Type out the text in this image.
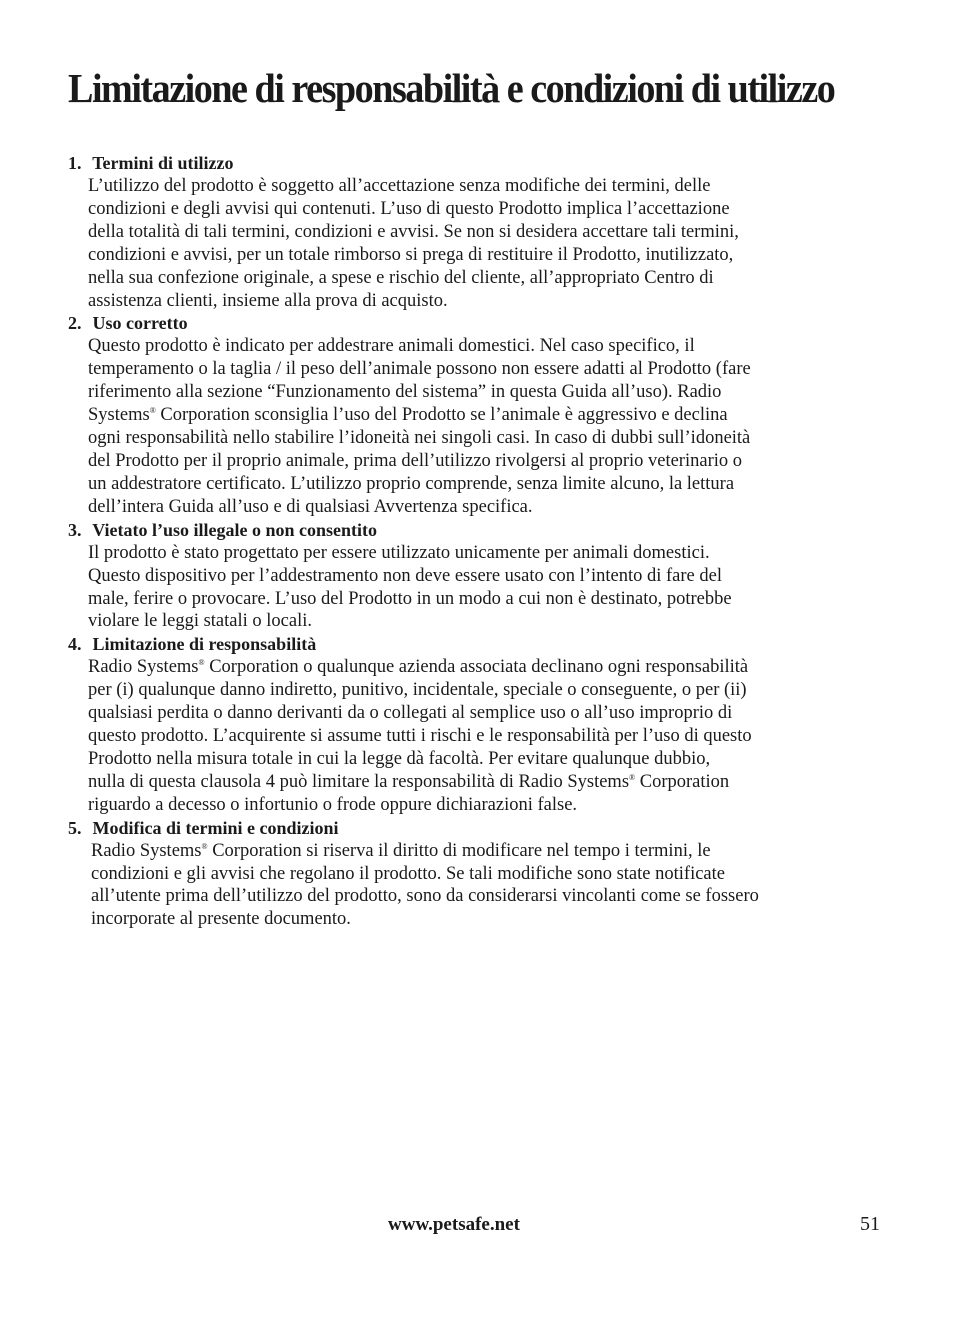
Limitazione di responsabilità e condizioni di utilizzo
1. Termini di utilizzo

L’utilizzo del prodotto è soggetto all’accettazione senza modifiche dei termini, delle

condizioni e degli avvisi qui contenuti. L’uso di questo Prodotto implica l’accettazione

della totalità di tali termini, condizioni e avvisi. Se non si desidera accettare tali termini,

condizioni e avvisi, per un totale rimborso si prega di restituire il Prodotto, inutilizzato,

nella sua confezione originale, a spese e rischio del cliente, all’appropriato Centro di

assistenza clienti, insieme alla prova di acquisto.

2. Uso corretto

Questo prodotto è indicato per addestrare animali domestici. Nel caso specifico, il

temperamento o la taglia / il peso dell’animale possono non essere adatti al Prodotto (fare

riferimento alla sezione “Funzionamento del sistema” in questa Guida all’uso). Radio

Systems® Corporation sconsiglia l’uso del Prodotto se l’animale è aggressivo e declina

ogni responsabilità nello stabilire l’idoneità nei singoli casi. In caso di dubbi sull’idoneità

del Prodotto per il proprio animale, prima dell’utilizzo rivolgersi al proprio veterinario o

un addestratore certificato. L’utilizzo proprio comprende, senza limite alcuno, la lettura

dell’intera Guida all’uso e di qualsiasi Avvertenza specifica.

3. Vietato l’uso illegale o non consentito

Il prodotto è stato progettato per essere utilizzato unicamente per animali domestici.

Questo dispositivo per l’addestramento non deve essere usato con l’intento di fare del

male, ferire o provocare. L’uso del Prodotto in un modo a cui non è destinato, potrebbe

violare le leggi statali o locali.

4. Limitazione di responsabilità

Radio Systems® Corporation o qualunque azienda associata declinano ogni responsabilità

per (i) qualunque danno indiretto, punitivo, incidentale, speciale o conseguente, o per (ii)

qualsiasi perdita o danno derivanti da o collegati al semplice uso o all’uso improprio di

questo prodotto. L’acquirente si assume tutti i rischi e le responsabilità per l’uso di questo

Prodotto nella misura totale in cui la legge dà facoltà. Per evitare qualunque dubbio,

nulla di questa clausola 4 può limitare la responsabilità di Radio Systems® Corporation

riguardo a decesso o infortunio o frode oppure dichiarazioni false.

5. Modifica di termini e condizioni

Radio Systems® Corporation si riserva il diritto di modificare nel tempo i termini, le

condizioni e gli avvisi che regolano il prodotto. Se tali modifiche sono state notificate

all’utente prima dell’utilizzo del prodotto, sono da considerarsi vincolanti come se fossero

incorporate al presente documento.

www.petsafe.net	51
